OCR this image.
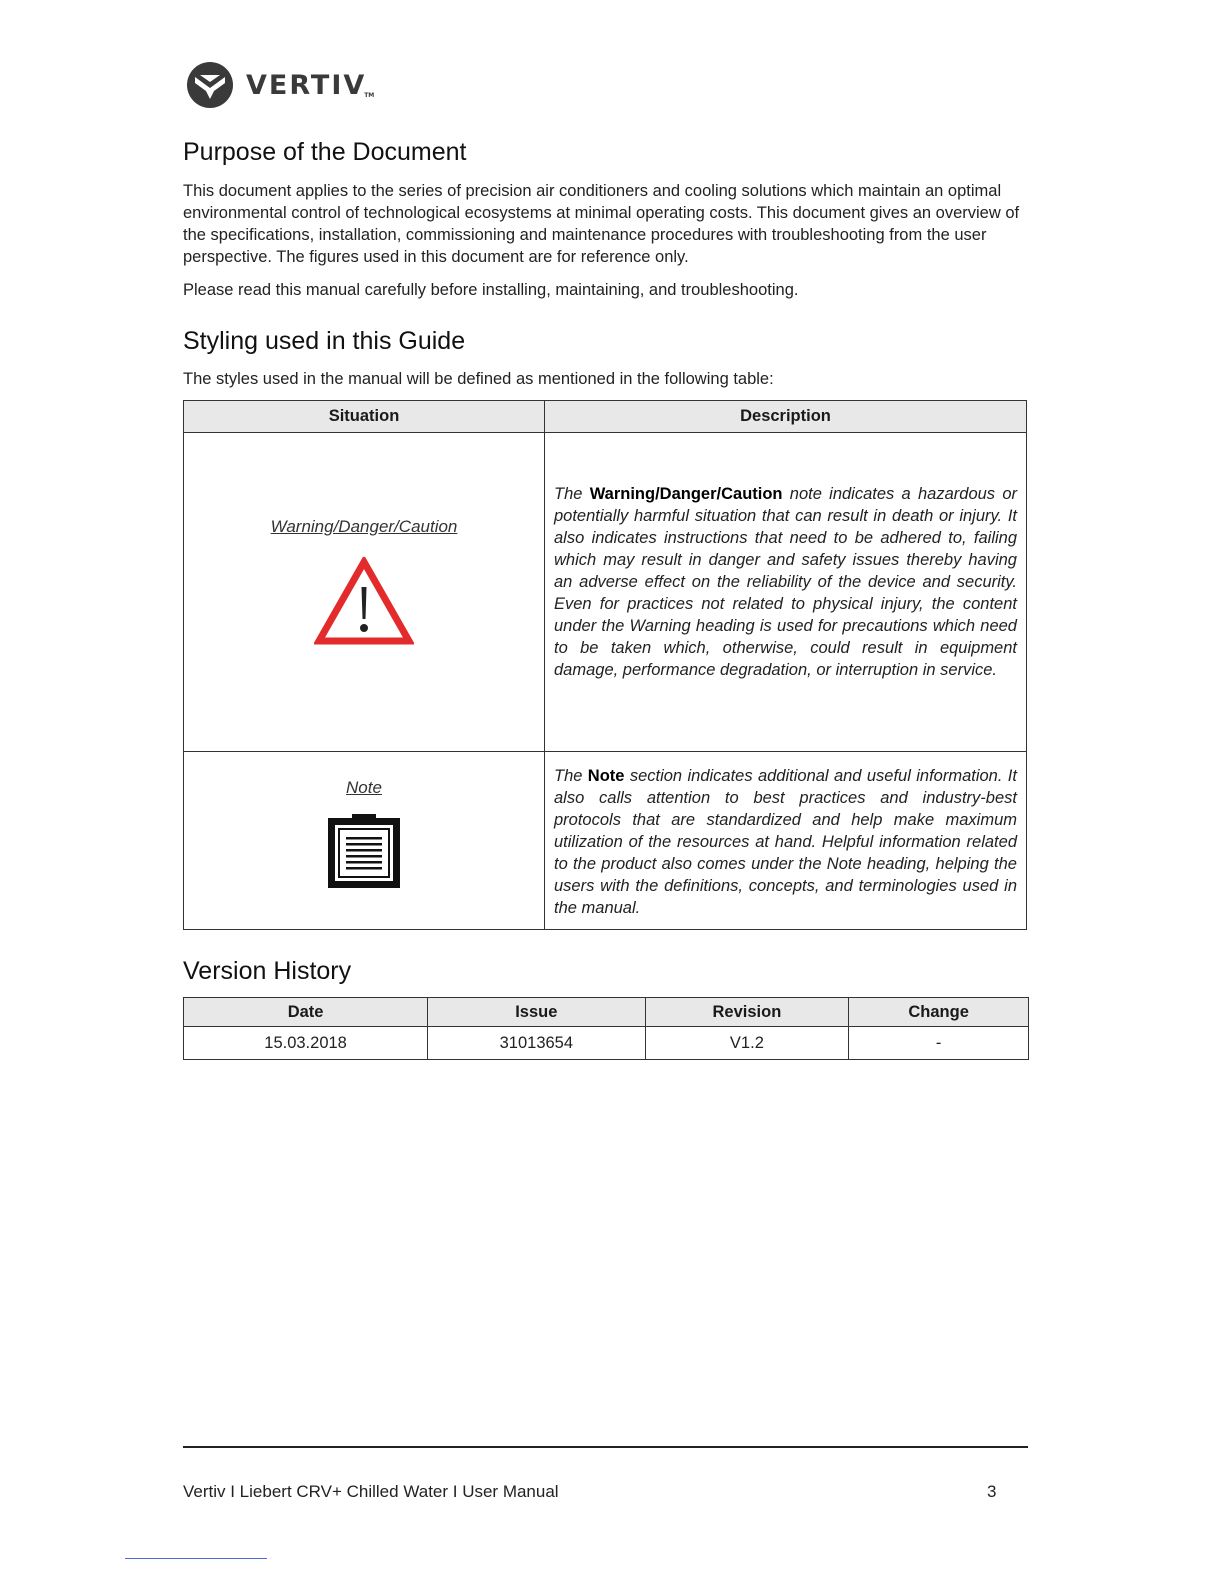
VERTIV
TM
Purpose of the Document

This document applies to the series of precision air conditioners and cooling solutions which maintain an optimal environmental control of technological ecosystems at minimal operating costs. This document gives an overview of the specifications, installation, commissioning and maintenance procedures with troubleshooting from the user perspective. The figures used in this document are for reference only.

Please read this manual carefully before installing, maintaining, and troubleshooting.

Styling used in this Guide

The styles used in the manual will be defined as mentioned in the following table:

Situation	Description

Warning/Danger/Caution	The Warning/Danger/Caution note indicates a hazardous or potentially harmful situation that can result in death or injury. It also indicates instructions that need to be adhered to, failing which may result in danger and safety issues thereby having an adverse effect on the reliability of the device and security. Even for practices not related to physical injury, the content under the Warning heading is used for precautions which need to be taken which, otherwise, could result in equipment damage, performance degradation, or interruption in service.

Note	The Note section indicates additional and useful information. It also calls attention to best practices and industry-best protocols that are standardized and help make maximum utilization of the resources at hand. Helpful information related to the product also comes under the Note heading, helping the users with the definitions, concepts, and terminologies used in the manual.

Version History
Date	Issue	Revision	Change
15.03.2018	31013654	V1.2	-
Vertiv I Liebert CRV+ Chilled Water I User Manual	3
